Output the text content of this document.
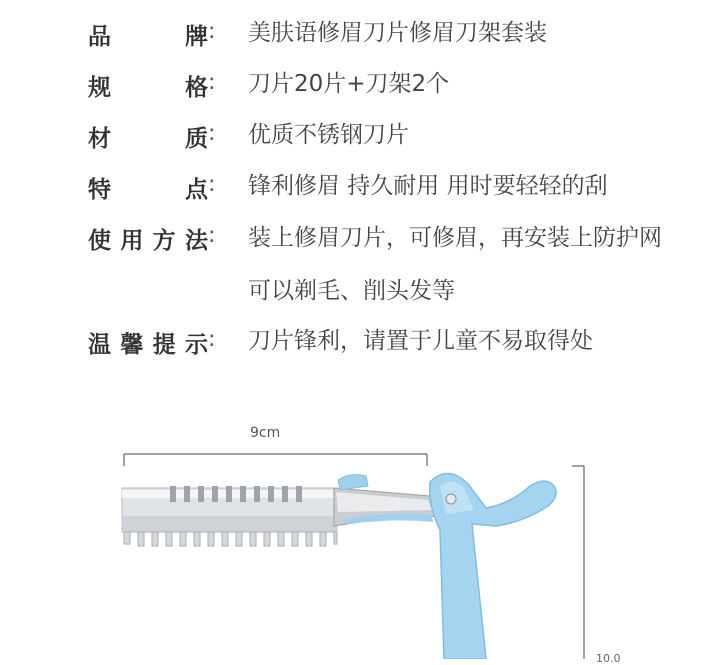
品 牌 : 美肤语修眉刀片修眉刀架套装
规 格 : 刀片20片+刀架2个
材 质 : 优质不锈钢刀片
特 点 : 锋利修眉 持久耐用 用时要轻轻的刮
使用方法 : 装上修眉刀片，可修眉，再安装上防护网可以剃毛、削头发等
温馨提示 : 刀片锋利，请置于儿童不易取得处
9cm
10.0
